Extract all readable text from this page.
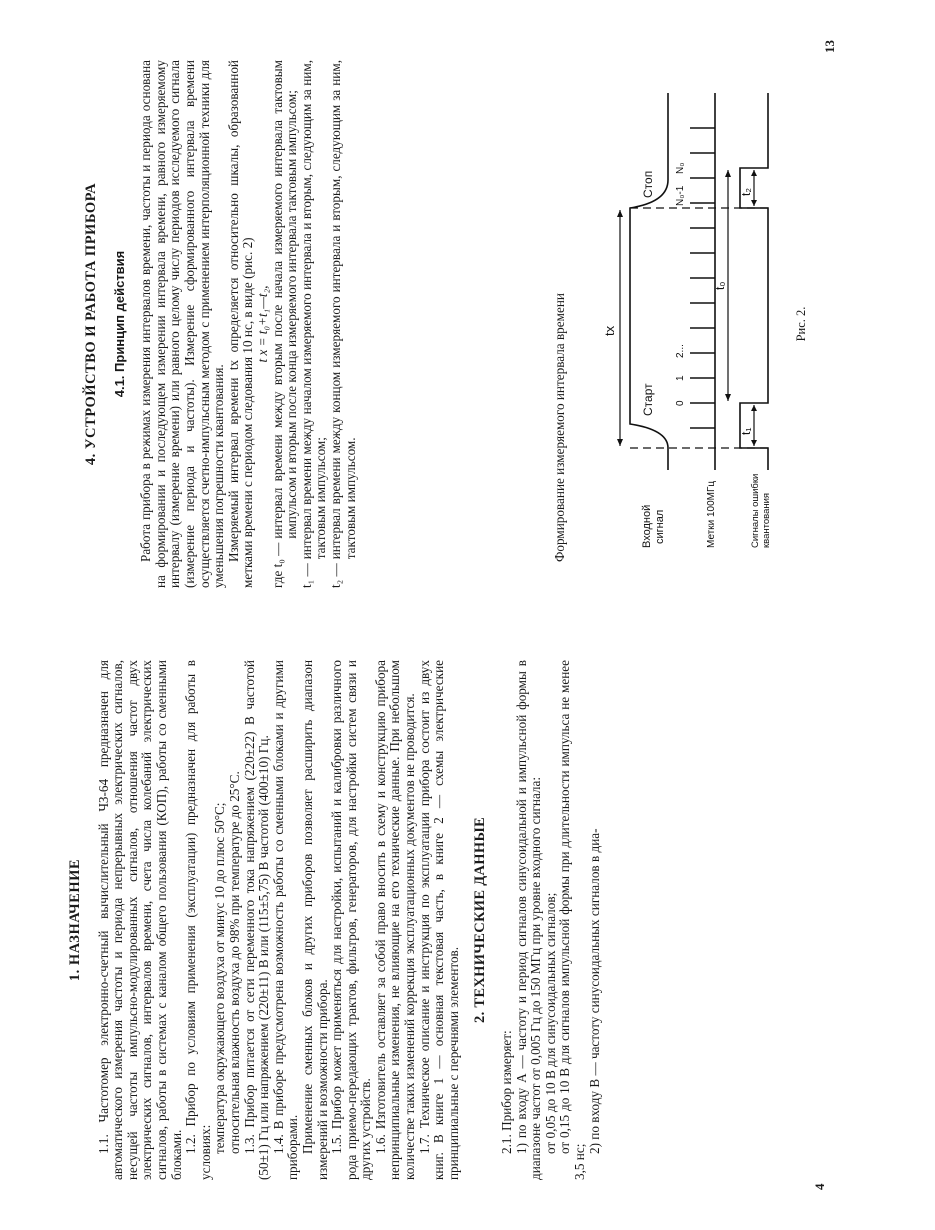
1. НАЗНАЧЕНИЕ 1.1. Частотомер электронно-счетный вычислительный ЧЗ-64 предназначен для автоматического измерения частоты и периода непрерывных электрических сигналов, несущей частоты импульсно-модулированных сигналов, отношения частот двух электрических сигналов, интервалов времени, счета числа колебаний электрических сигналов, работы в системах с каналом общего пользования (КОП), работы со сменными блоками.

1.2. Прибор по условиям применения (эксплуатации) предназначен для работы в условиях: температура окружающего воздуха от минус 10 до плюс 50°С; относительная влажность воздуха до 98% при температуре до 25°С. 1.3. Прибор питается от сети переменного тока напряжением (220±22) В частотой (50±1) Гц или напряжением (220±11) В или (115±5,75) В частотой (400±10) Гц. 1.4. В приборе предусмотрена возможность работы со сменными блоками и другими приборами. Применение сменных блоков и других приборов позволяет расширить диапазон измерений и возможности прибора. 1.5. Прибор может применяться для настройки, испытаний и калибровки различного рода приемо-передающих трактов, фильтров, генераторов, для настройки систем связи и других устройств. 1.6. Изготовитель оставляет за собой право вносить в схему и конструкцию прибора непринципиальные изменения, не влияющие на его технические данные. При небольшом количестве таких изменений коррекция эксплуатационных документов не проводится. 1.7. Техническое описание и инструкция по эксплуатации прибора состоит из двух книг. В книге 1 — основная текстовая часть, в книге 2 — схемы электрические принципиальные с перечнями элементов.

2. ТЕХНИЧЕСКИЕ ДАННЫЕ

2.1. Прибор измеряет: 1) по входу А — частоту и период сигналов синусоидальной и импульсной формы в диапазоне частот от 0,005 Гц до 150 МГц при уровне входного сигнала: от 0,05 до 10 В для синусоидальных сигналов; от 0,15 до 10 В для сигналов импульсной формы при длительности импульса не менее 3,5 нс;

2) по входу В — частоту синусоидальных сигналов в диа-

4
4. УСТРОЙСТВО И РАБОТА ПРИБОРА 4.1. Принцип действия Работа прибора в режимах измерения интервалов времени, частоты и периода основана на формировании и последующем измерении интервала времени, равного измеряемому интервалу (измерение времени) или равного целому числу периодов исследуемого сигнала (измерение периода и частоты). Измерение сформированного интервала времени осуществляется счетно-импульсным методом с применением интерполяционной техники для уменьшения погрешности квантования. Измеряемый интервал времени tx определяется относительно шкалы, образованной метками времени с периодом следования 10 нс, в виде (рис. 2) t x = t₀+t₁—t₂,

где t₀ —
интервал времени между вторым после начала измеряемого интервала тактовым импульсом и вторым после конца измеряемого интервала тактовым импульсом;
t₁ —
интервал времени между началом измеряемого интервала и вторым, следующим за ним, тактовым импульсом;
t₂ —
интервал времени между концом измеряемого интервала и вторым, следующим за ним, тактовым импульсом.	Формирование измеряемого интервала времени	Входной сигнал	Метки 100МГц	Сигналы ошибки квантования
Старт
Стоп
tx
t₀
t₁
t₂
0
1
2...
N₀-1
N₀
Рис. 2.
13
